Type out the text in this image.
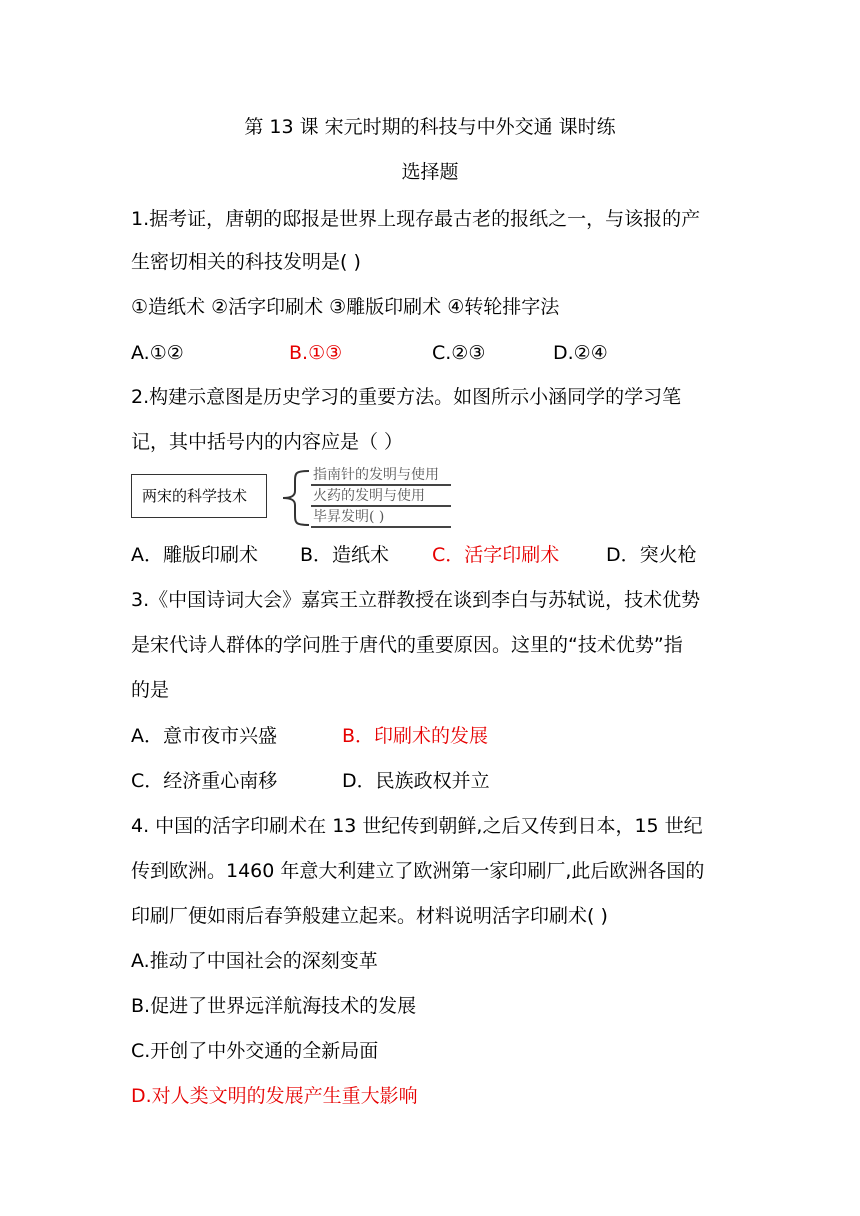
第 13 课 宋元时期的科技与中外交通 课时练
选择题
1.据考证，唐朝的邸报是世界上现存最古老的报纸之一，与该报的产
生密切相关的科技发明是( )
①造纸术 ②活字印刷术 ③雕版印刷术 ④转轮排字法
A.①②	B.①③	C.②③	D.②④
2.构建示意图是历史学习的重要方法。如图所示小涵同学的学习笔
记，其中括号内的内容应是（ ）
两宋的科学技术
指南针的发明与使用
火药的发明与使用
毕昇发明( )
A．雕版印刷术 B．造纸术 C．活字印刷术 D．突火枪
3.《中国诗词大会》嘉宾王立群教授在谈到李白与苏轼说，技术优势
是宋代诗人群体的学问胜于唐代的重要原因。这里的“技术优势”指
的是
A．意市夜市兴盛	B．印刷术的发展
C．经济重心南移	D．民族政权并立
4. 中国的活字印刷术在 13 世纪传到朝鲜,之后又传到日本，15 世纪
传到欧洲。1460 年意大利建立了欧洲第一家印刷厂,此后欧洲各国的
印刷厂便如雨后春笋般建立起来。材料说明活字印刷术( )
A.推动了中国社会的深刻变革
B.促进了世界远洋航海技术的发展
C.开创了中外交通的全新局面
D.对人类文明的发展产生重大影响
